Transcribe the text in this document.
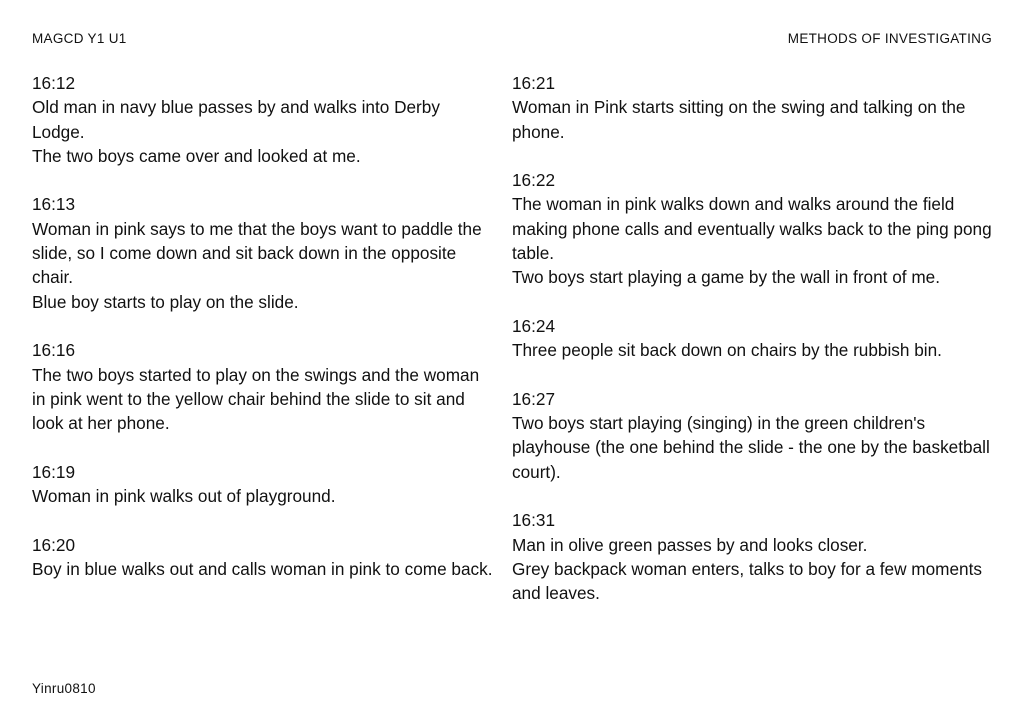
MAGCD Y1 U1	METHODS OF INVESTIGATING
16:12
Old man in navy blue passes by and walks into Derby Lodge.
The two boys came over and looked at me.
16:13
Woman in pink says to me that the boys want to paddle the slide, so I come down and sit back down in the opposite chair.
Blue boy starts to play on the slide.
16:16
The two boys started to play on the swings and the woman in pink went to the yellow chair behind the slide to sit and look at her phone.
16:19
Woman in pink walks out of playground.
16:20
Boy in blue walks out and calls woman in pink to come back.
16:21
Woman in Pink starts sitting on the swing and talking on the phone.
16:22
The woman in pink walks down and walks around the field making phone calls and eventually walks back to the ping pong table.
Two boys start playing a game by the wall in front of me.
16:24
Three people sit back down on chairs by the rubbish bin.
16:27
Two boys start playing (singing) in the green children's playhouse (the one behind the slide - the one by the basketball court).
16:31
Man in olive green passes by and looks closer.
Grey backpack woman enters, talks to boy for a few moments and leaves.
Yinru0810
